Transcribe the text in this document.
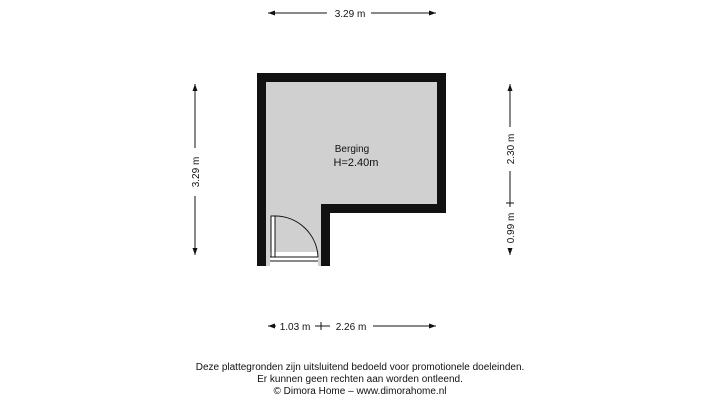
Berging
H=2.40m
3.29 m
3.29 m
2.30 m
0.99 m
1.03 m	2.26 m
Deze plattegronden zijn uitsluitend bedoeld voor promotionele doeleinden.
Er kunnen geen rechten aan worden ontleend.
© Dimora Home – www.dimorahome.nl
